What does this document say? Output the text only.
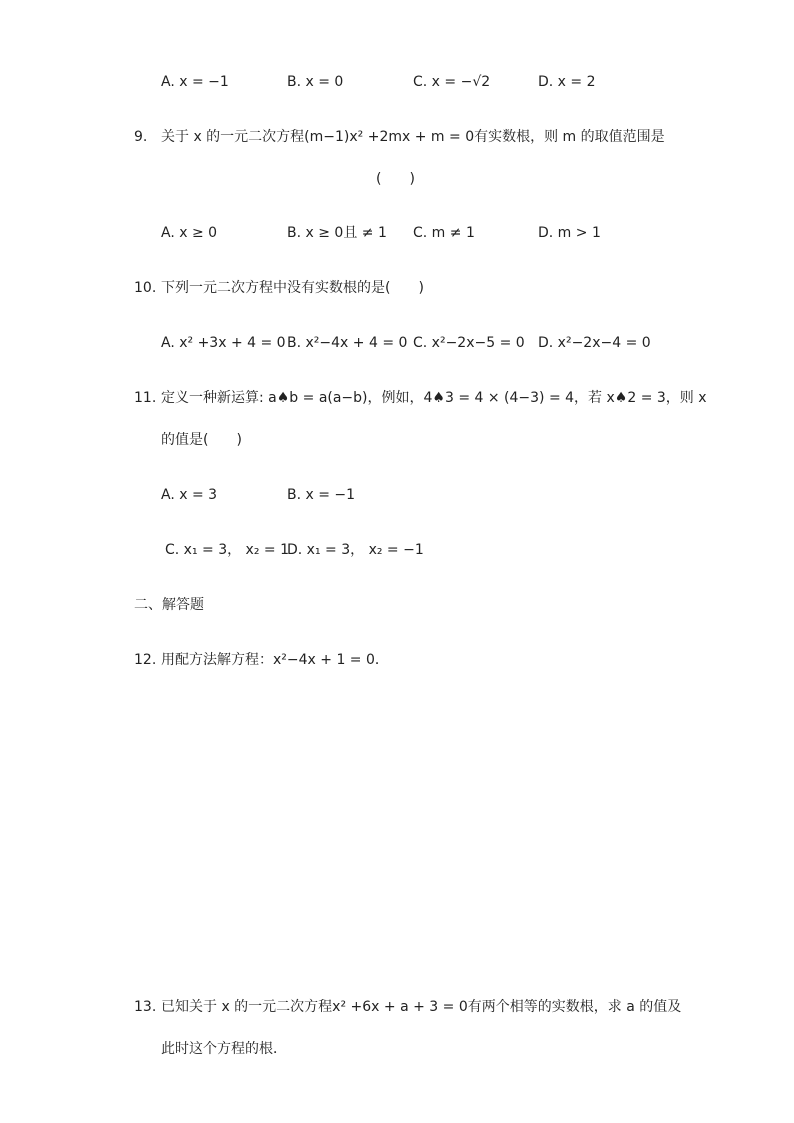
A. x = −1	B. x = 0	C. x = −√2	D. x = 2
9. 关于 x 的一元二次方程(m−1)x² +2mx + m = 0有实数根，则 m 的取值范围是
(　　)
A. x ≥ 0	B. x ≥ 0且 ≠ 1 C. m ≠ 1	D. m > 1
10. 下列一元二次方程中没有实数根的是(　　)
A. x² +3x + 4 = 0 B. x²−4x + 4 = 0 C. x²−2x−5 = 0 D. x²−2x−4 = 0
11. 定义一种新运算: a♠b = a(a−b)，例如，4♠3 = 4 × (4−3) = 4，若 x♠2 = 3，则 x
的值是(　　)
A. x = 3	B. x = −1
C. x₁ = 3， x₂ = 1
D. x₁ = 3， x₂ = −1
二、解答题
12. 用配方法解方程：x²−4x + 1 = 0．
13. 已知关于 x 的一元二次方程x² +6x + a + 3 = 0有两个相等的实数根，求 a 的值及
此时这个方程的根．
